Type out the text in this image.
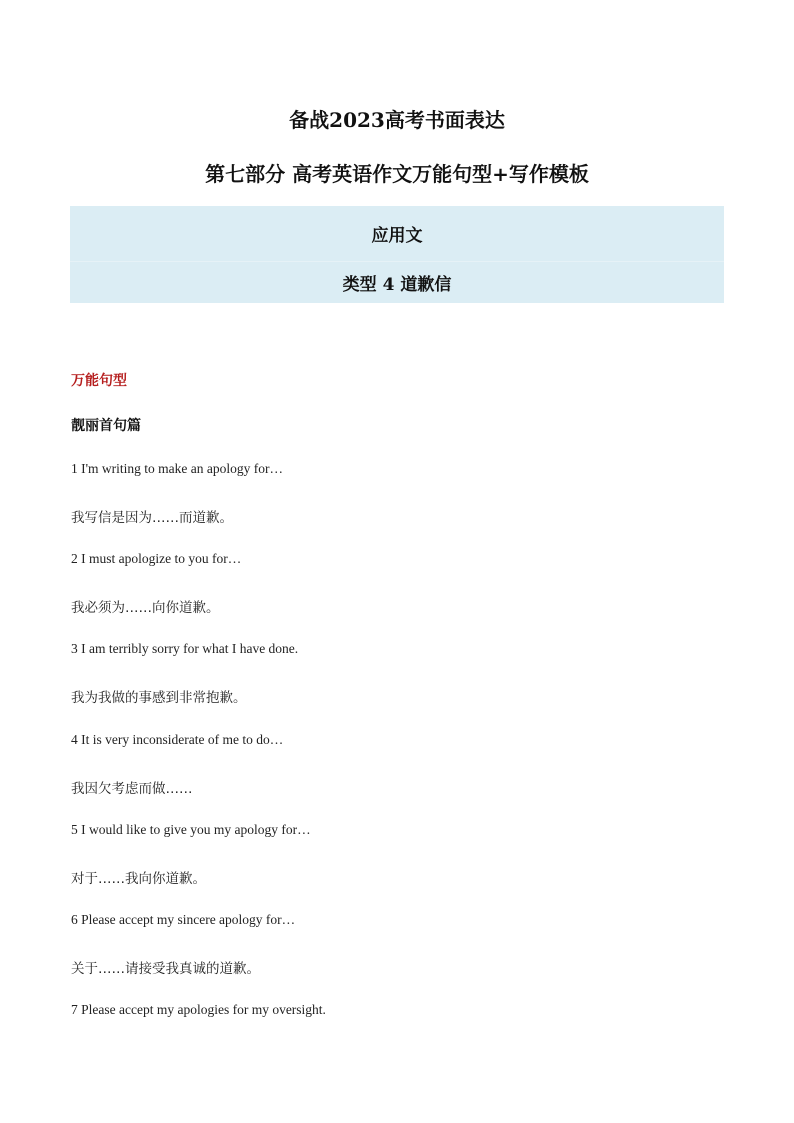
备战2023高考书面表达
第七部分 高考英语作文万能句型+写作模板
应用文
类型 4 道歉信
万能句型
靓丽首句篇
1 I'm writing to make an apology for…
我写信是因为……而道歉。
2 I must apologize to you for…
我必须为……向你道歉。
3 I am terribly sorry for what I have done.
我为我做的事感到非常抱歉。
4 It is very inconsiderate of me to do…
我因欠考虑而做……
5 I would like to give you my apology for…
对于……我向你道歉。
6 Please accept my sincere apology for…
关于……请接受我真诚的道歉。
7 Please accept my apologies for my oversight.
